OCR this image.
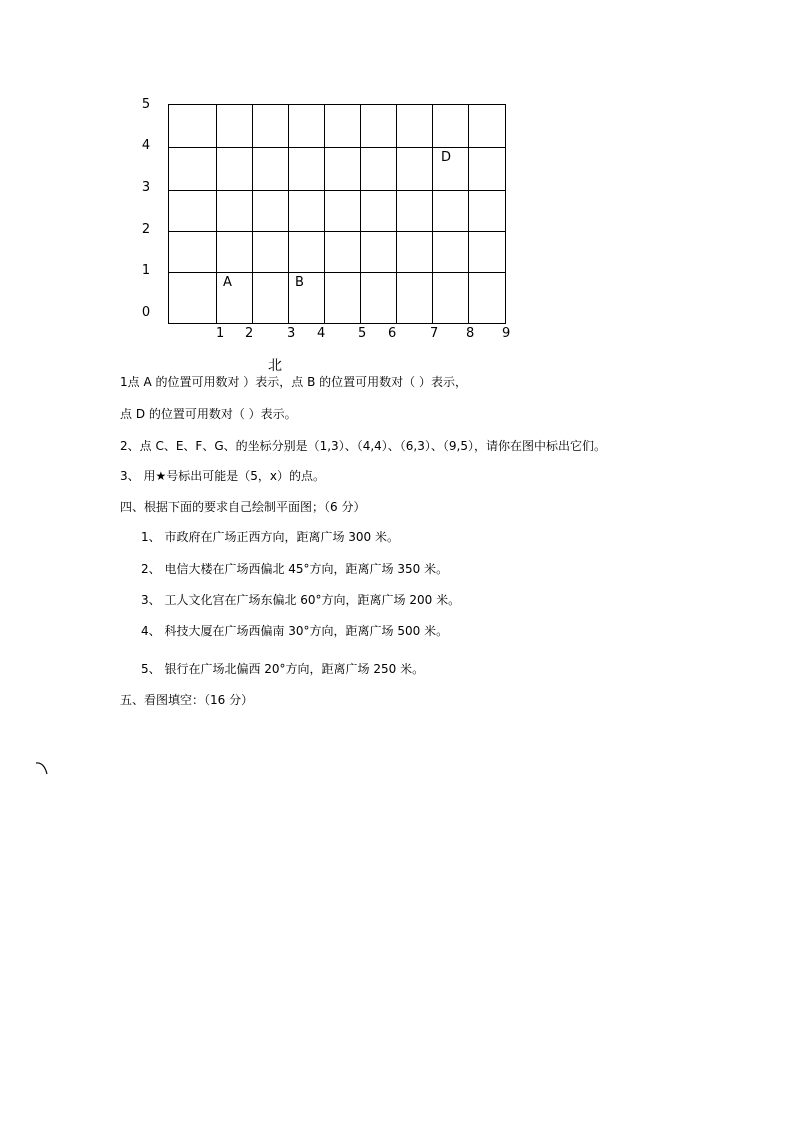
5
4
3
2
1
0
A	B
D
1 2	3 4	5 6	7 8 9
北
1点 A 的位置可用数对 ）表示，点 B 的位置可用数对（ ）表示，
点 D 的位置可用数对（ ）表示。
2、点 C、E、F、G、的坐标分别是（1,3）、（4,4）、（6,3）、（9,5），请你在图中标出它们。
3、 用★号标出可能是（5，x）的点。
四、根据下面的要求自己绘制平面图；（6 分）
1、 市政府在广场正西方向，距离广场 300 米。
2、 电信大楼在广场西偏北 45°方向，距离广场 350 米。
3、 工人文化宫在广场东偏北 60°方向，距离广场 200 米。
4、 科技大厦在广场西偏南 30°方向，距离广场 500 米。
5、 银行在广场北偏西 20°方向，距离广场 250 米。
五、看图填空：（16 分）
